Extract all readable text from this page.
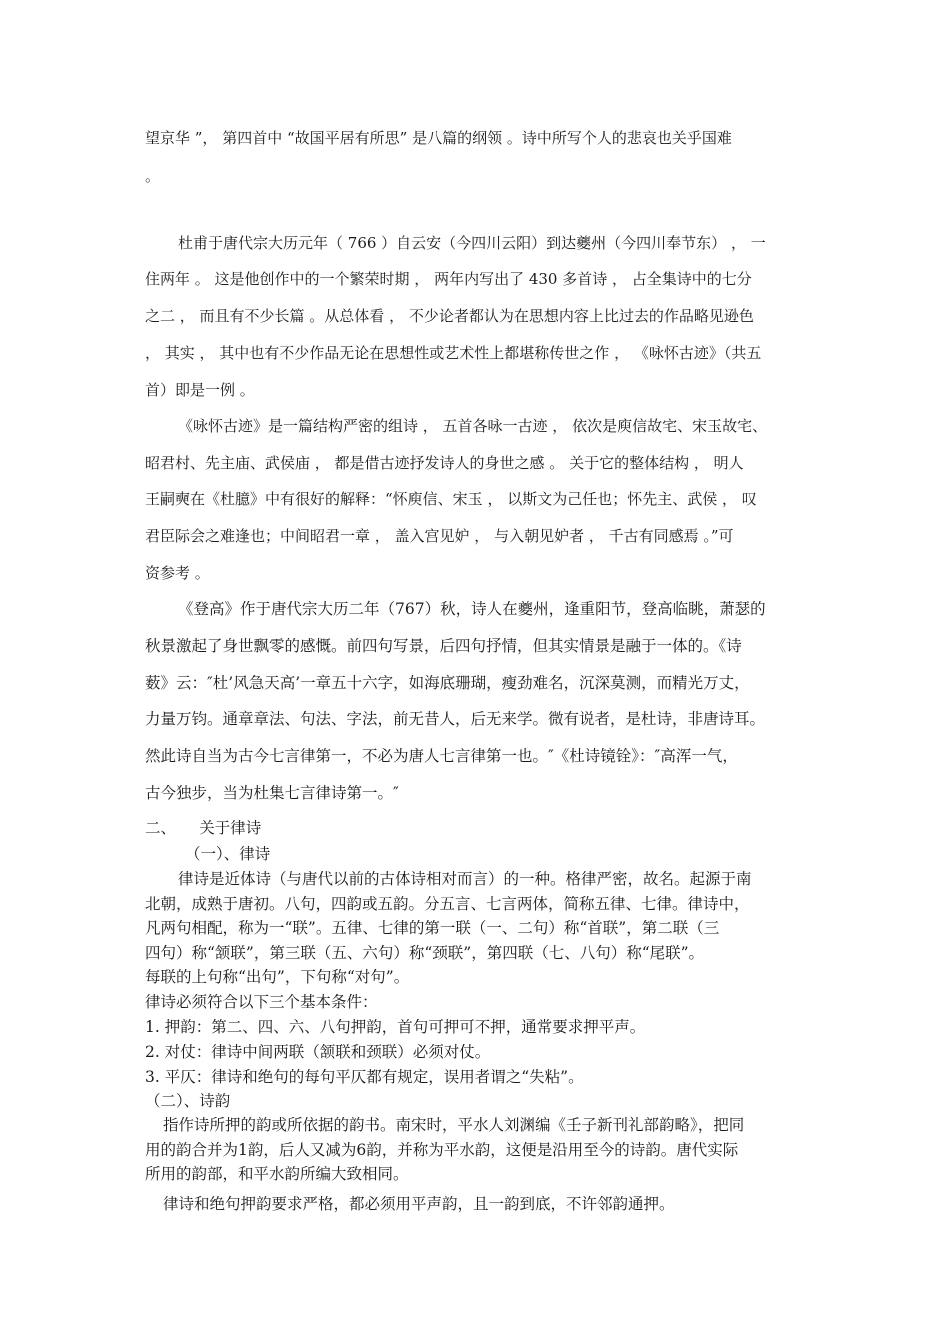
望京华 ”， 第四首中 “故国平居有所思” 是八篇的纲领 。诗中所写个人的悲哀也关乎国难
。
杜甫于唐代宗大历元年（ 766 ）自云安（今四川云阳）到达夔州（今四川奉节东） ， 一
住两年 。 这是他创作中的一个繁荣时期 ， 两年内写出了 430 多首诗 ， 占全集诗中的七分
之二 ， 而且有不少长篇 。从总体看 ， 不少论者都认为在思想内容上比过去的作品略见逊色
， 其实 ， 其中也有不少作品无论在思想性或艺术性上都堪称传世之作 ， 《咏怀古迹》（共五
首）即是一例 。
《咏怀古迹》是一篇结构严密的组诗 ， 五首各咏一古迹 ， 依次是庾信故宅、宋玉故宅、
昭君村、先主庙、武侯庙 ， 都是借古迹抒发诗人的身世之感 。 关于它的整体结构 ， 明人
王嗣奭在《杜臆》中有很好的解释：“怀庾信、宋玉 ， 以斯文为己任也；怀先主、武侯 ， 叹
君臣际会之难逢也；中间昭君一章 ， 盖入宫见妒 ， 与入朝见妒者 ， 千古有同感焉 。”可
资参考 。
《登高》作于唐代宗大历二年（767）秋，诗人在夔州，逢重阳节，登高临眺，萧瑟的
秋景激起了身世飘零的感慨。前四句写景，后四句抒情，但其实情景是融于一体的。《诗
薮》云：″杜’风急天高’一章五十六字，如海底珊瑚，瘦劲难名，沉深莫测，而精光万丈，
力量万钧。通章章法、句法、字法，前无昔人，后无来学。微有说者，是杜诗，非唐诗耳。
然此诗自当为古今七言律第一，不必为唐人七言律第一也。″《杜诗镜铨》：″高浑一气，
古今独步，当为杜集七言律诗第一。″
二、　　关于律诗
（一）、律诗
律诗是近体诗（与唐代以前的古体诗相对而言）的一种。格律严密，故名。起源于南
北朝，成熟于唐初。八句，四韵或五韵。分五言、七言两体，简称五律、七律。律诗中，
凡两句相配，称为一“联”。五律、七律的第一联（一、二句）称“首联”，第二联（三
四句）称“颔联”，第三联（五、六句）称“颈联”，第四联（七、八句）称“尾联”。
每联的上句称“出句”，下句称“对句”。
律诗必须符合以下三个基本条件：
1. 押韵：第二、四、六、八句押韵，首句可押可不押，通常要求押平声。
2. 对仗：律诗中间两联（颔联和颈联）必须对仗。
3. 平仄：律诗和绝句的每句平仄都有规定，误用者谓之“失粘”。
（二）、诗韵
指作诗所押的韵或所依据的韵书。南宋时，平水人刘渊编《壬子新刊礼部韵略》，把同
用的韵合并为1韵，后人又减为6韵，并称为平水韵，这便是沿用至今的诗韵。唐代实际
所用的韵部，和平水韵所编大致相同。
律诗和绝句押韵要求严格，都必须用平声韵，且一韵到底，不许邻韵通押。
